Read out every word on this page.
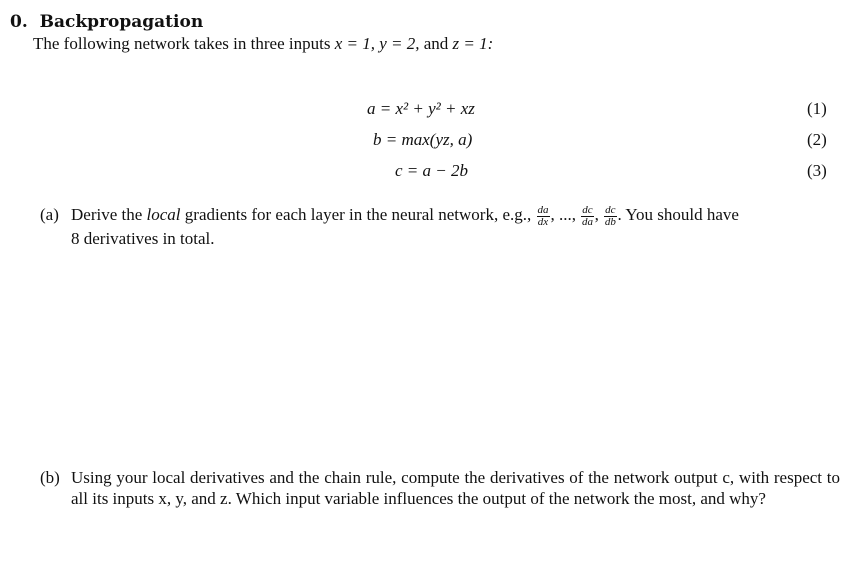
0. Backpropagation
The following network takes in three inputs x = 1, y = 2, and z = 1:
a = x² + y² + xz	(1)
b = max(yz, a)	(2)
c = a − 2b	(3)
(a) Derive the local gradients for each layer in the neural network, e.g., $\frac{da}{dx}$ , ..., $\frac{dc}{da}$ , $\frac{dc}{db}$ . You should have
8 derivatives in total.
(b) Using your local derivatives and the chain rule, compute the derivatives of the network output c, with respect to all its inputs x, y, and z. Which input variable influences the output of the network the most, and why?
